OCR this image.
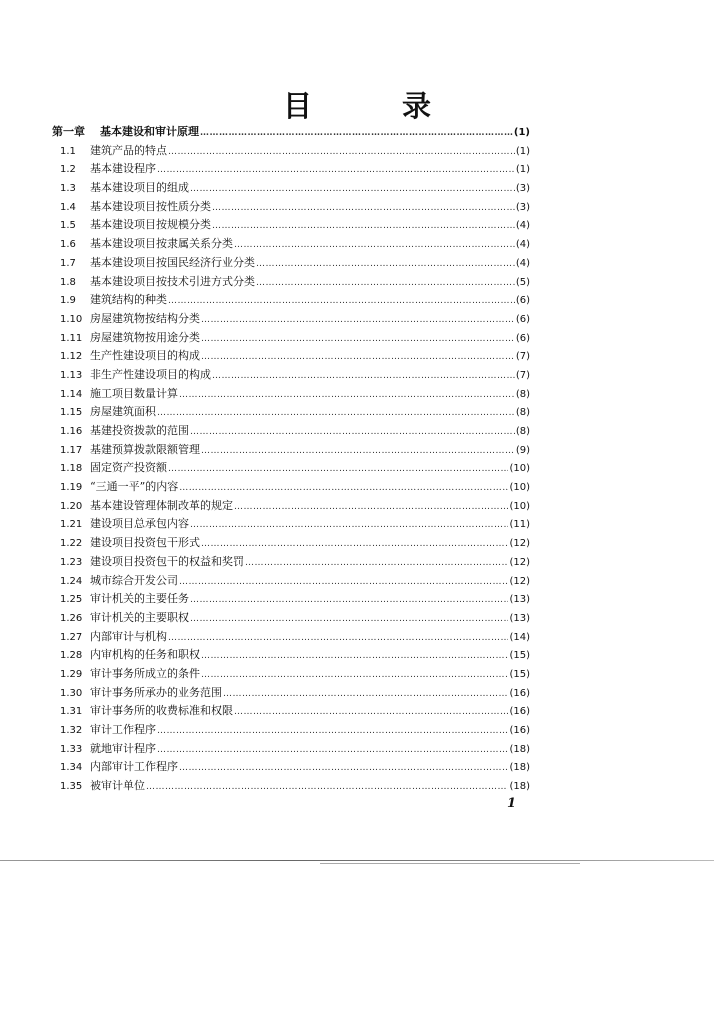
目 录
第一章	基本建设和审计原理 ……………………………………………………………………………………………………………………………………………………………………………………	(1)
1.1	建筑产品的特点 ……………………………………………………………………………………………………………………………………………………………………………………	(1)
1.2	基本建设程序 ……………………………………………………………………………………………………………………………………………………………………………………	(1)
1.3	基本建设项目的组成 ……………………………………………………………………………………………………………………………………………………………………………………	(3)
1.4	基本建设项目按性质分类 ……………………………………………………………………………………………………………………………………………………………………………………	(3)
1.5	基本建设项目按规模分类 ……………………………………………………………………………………………………………………………………………………………………………………	(4)
1.6	基本建设项目按隶属关系分类 ……………………………………………………………………………………………………………………………………………………………………………………	(4)
1.7	基本建设项目按国民经济行业分类 ……………………………………………………………………………………………………………………………………………………………………………………	(4)
1.8	基本建设项目按技术引进方式分类 ……………………………………………………………………………………………………………………………………………………………………………………	(5)
1.9	建筑结构的种类 ……………………………………………………………………………………………………………………………………………………………………………………	(6)
1.10 房屋建筑物按结构分类 ……………………………………………………………………………………………………………………………………………………………………………………	(6)
1.11 房屋建筑物按用途分类 ……………………………………………………………………………………………………………………………………………………………………………………	(6)
1.12 生产性建设项目的构成 ……………………………………………………………………………………………………………………………………………………………………………………	(7)
1.13 非生产性建设项目的构成 ……………………………………………………………………………………………………………………………………………………………………………………	(7)
1.14 施工项目数量计算 ……………………………………………………………………………………………………………………………………………………………………………………	(8)
1.15 房屋建筑面积 ……………………………………………………………………………………………………………………………………………………………………………………	(8)
1.16 基建投资拨款的范围 ……………………………………………………………………………………………………………………………………………………………………………………	(8)
1.17 基建预算拨款限额管理 ……………………………………………………………………………………………………………………………………………………………………………………	(9)
1.18 固定资产投资额 ……………………………………………………………………………………………………………………………………………………………………………………	(10)
1.19 “三通一平”的内容 ……………………………………………………………………………………………………………………………………………………………………………………	(10)
1.20 基本建设管理体制改革的规定 ……………………………………………………………………………………………………………………………………………………………………………………	(10)
1.21 建设项目总承包内容 ……………………………………………………………………………………………………………………………………………………………………………………	(11)
1.22 建设项目投资包干形式 ……………………………………………………………………………………………………………………………………………………………………………………	(12)
1.23 建设项目投资包干的权益和奖罚 ……………………………………………………………………………………………………………………………………………………………………………………	(12)
1.24 城市综合开发公司 ……………………………………………………………………………………………………………………………………………………………………………………	(12)
1.25 审计机关的主要任务 ……………………………………………………………………………………………………………………………………………………………………………………	(13)
1.26 审计机关的主要职权 ……………………………………………………………………………………………………………………………………………………………………………………	(13)
1.27 内部审计与机构 ……………………………………………………………………………………………………………………………………………………………………………………	(14)
1.28 内审机构的任务和职权 ……………………………………………………………………………………………………………………………………………………………………………………	(15)
1.29 审计事务所成立的条件 ……………………………………………………………………………………………………………………………………………………………………………………	(15)
1.30 审计事务所承办的业务范围 ……………………………………………………………………………………………………………………………………………………………………………………	(16)
1.31 审计事务所的收费标准和权限 ……………………………………………………………………………………………………………………………………………………………………………………	(16)
1.32 审计工作程序 ……………………………………………………………………………………………………………………………………………………………………………………	(16)
1.33 就地审计程序 ……………………………………………………………………………………………………………………………………………………………………………………	(18)
1.34 内部审计工作程序 ……………………………………………………………………………………………………………………………………………………………………………………	(18)
1.35 被审计单位 ……………………………………………………………………………………………………………………………………………………………………………………	(18)
1
